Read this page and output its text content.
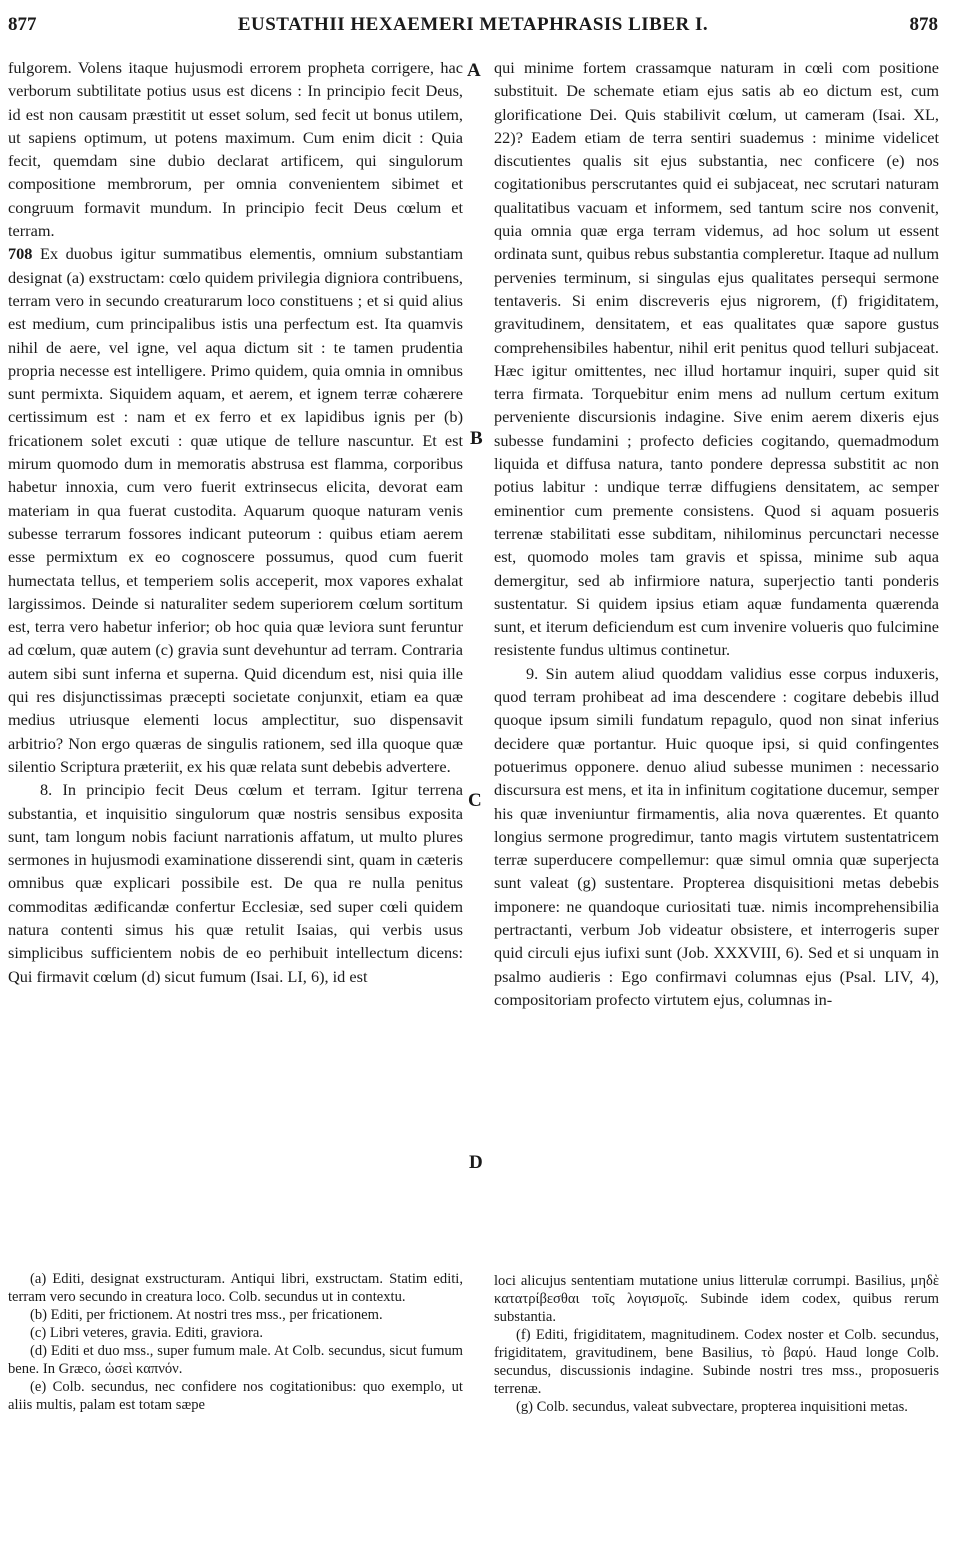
877	EUSTATHII HEXAEMERI METAPHRASIS LIBER I.	878

fulgorem. Volens itaque hujusmodi errorem propheta corrigere, hac verborum subtilitate potius usus est dicens : In principio fecit Deus, id est non causam præstitit ut esset solum, sed fecit ut bonus utilem, ut sapiens optimum, ut potens maximum. Cum enim dicit : Quia fecit, quemdam sine dubio declarat artificem, qui singulorum compositione membrorum, per omnia convenientem sibimet et congruum formavit mundum. In principio fecit Deus cœlum et terram.

708 Ex duobus igitur summatibus elementis, omnium substantiam designat (a) exstructam: cœlo quidem privilegia digniora contribuens, terram vero in secundo creaturarum loco constituens ; et si quid alius est medium, cum principalibus istis una perfectum est. Ita quamvis nihil de aere, vel igne, vel aqua dictum sit : te tamen prudentia propria necesse est intelligere. Primo quidem, quia omnia in omnibus sunt permixta. Siquidem aquam, et aerem, et ignem terræ cohærere certissimum est : nam et ex ferro et ex lapidibus ignis per (b) fricationem solet excuti : quæ utique de tellure nascuntur. Et est mirum quomodo dum in memoratis abstrusa est flamma, corporibus habetur innoxia, cum vero fuerit extrinsecus elicita, devorat eam materiam in qua fuerat custodita. Aquarum quoque naturam venis subesse terrarum fossores indicant puteorum : quibus etiam aerem esse permixtum ex eo cognoscere possumus, quod cum fuerit humectata tellus, et temperiem solis acceperit, mox vapores exhalat largissimos. Deinde si naturaliter sedem superiorem cœlum sortitum est, terra vero habetur inferior; ob hoc quia quæ leviora sunt feruntur ad cœlum, quæ autem (c) gravia sunt devehuntur ad terram. Contraria autem sibi sunt inferna et superna. Quid dicendum est, nisi quia ille qui res disjunctissimas præcepti societate conjunxit, etiam ea quæ medius utriusque elementi locus amplectitur, suo dispensavit arbitrio? Non ergo quæras de singulis rationem, sed illa quoque quæ silentio Scriptura præteriit, ex his quæ relata sunt debebis advertere.

8. In principio fecit Deus cœlum et terram. Igitur terrena substantia, et inquisitio singulorum quæ nostris sensibus exposita sunt, tam longum nobis faciunt narrationis affatum, ut multo plures sermones in hujusmodi examinatione disserendi sint, quam in cæteris omnibus quæ explicari possibile est. De qua re nulla penitus commoditas ædificandæ confertur Ecclesiæ, sed super cœli quidem natura contenti simus his quæ retulit Isaias, qui verbis usus simplicibus sufficientem nobis de eo perhibuit intellectum dicens: Qui firmavit cœlum (d) sicut fumum (Isai. LI, 6), id est

qui minime fortem crassamque naturam in cœli com positione substituit. De schemate etiam ejus satis ab eo dictum est, cum glorificatione Dei. Quis stabilivit cœlum, ut cameram (Isai. XL, 22)? Eadem etiam de terra sentiri suademus : minime videlicet discutientes qualis sit ejus substantia, nec conficere (e) nos cogitationibus perscrutantes quid ei subjaceat, nec scrutari naturam qualitatibus vacuam et informem, sed tantum scire nos convenit, quia omnia quæ erga terram videmus, ad hoc solum ut essent ordinata sunt, quibus rebus substantia compleretur. Itaque ad nullum pervenies terminum, si singulas ejus qualitates persequi sermone tentaveris. Si enim discreveris ejus nigrorem, (f) frigiditatem, gravitudinem, densitatem, et eas qualitates quæ sapore gustus comprehensibiles habentur, nihil erit penitus quod telluri subjaceat. Hæc igitur omittentes, nec illud hortamur inquiri, super quid sit terra firmata. Torquebitur enim mens ad nullum certum exitum perveniente discursionis indagine. Sive enim aerem dixeris ejus subesse fundamini ; profecto deficies cogitando, quemadmodum liquida et diffusa natura, tanto pondere depressa substitit ac non potius labitur : undique terræ diffugiens densitatem, ac semper eminentior cum premente consistens. Quod si aquam posueris terrenæ stabilitati esse subditam, nihilominus percunctari necesse est, quomodo moles tam gravis et spissa, minime sub aqua demergitur, sed ab infirmiore natura, superjectio tanti ponderis sustentatur. Si quidem ipsius etiam aquæ fundamenta quærenda sunt, et iterum deficiendum est cum invenire volueris quo fulcimine resistente fundus ultimus continetur.

9. Sin autem aliud quoddam validius esse corpus induxeris, quod terram prohibeat ad ima descendere : cogitare debebis illud quoque ipsum simili fundatum repagulo, quod non sinat inferius decidere quæ portantur. Huic quoque ipsi, si quid confingentes potuerimus opponere. denuo aliud subesse munimen : necessario discursura est mens, et ita in infinitum cogitatione ducemur, semper his quæ inveniuntur firmamentis, alia nova quærentes. Et quanto longius sermone progredimur, tanto magis virtutem sustentatricem terræ superducere compellemur: quæ simul omnia quæ superjecta sunt valeat (g) sustentare. Propterea disquisitioni metas debebis imponere: ne quandoque curiositati tuæ. nimis incomprehensibilia pertractanti, verbum Job videatur obsistere, et interrogeris super quid circuli ejus iufixi sunt (Job. XXXVIII, 6). Sed et si unquam in psalmo audieris : Ego confirmavi columnas ejus (Psal. LIV, 4), compositoriam profecto virtutem ejus, columnas in-

A
B
C
D

(a) Editi, designat exstructuram. Antiqui libri, exstructam. Statim editi, terram vero secundo in creatura loco. Colb. secundus ut in contextu.

(b) Editi, per frictionem. At nostri tres mss., per fricationem.

(c) Libri veteres, gravia. Editi, graviora.

(d) Editi et duo mss., super fumum male. At Colb. secundus, sicut fumum bene. In Græco, ὡσεὶ καπνόν.

(e) Colb. secundus, nec confidere nos cogitationibus: quo exemplo, ut aliis multis, palam est totam sæpe

loci alicujus sententiam mutatione unius litterulæ corrumpi. Basilius, μηδὲ κατατρίβεσθαι τοῖς λογισμοῖς. Subinde idem codex, quibus rerum substantia.

(f) Editi, frigiditatem, magnitudinem. Codex noster et Colb. secundus, frigiditatem, gravitudinem, bene Basilius, τὸ βαρύ. Haud longe Colb. secundus, discussionis indagine. Subinde nostri tres mss., proposueris terrenæ.

(g) Colb. secundus, valeat subvectare, propterea inquisitioni metas.
